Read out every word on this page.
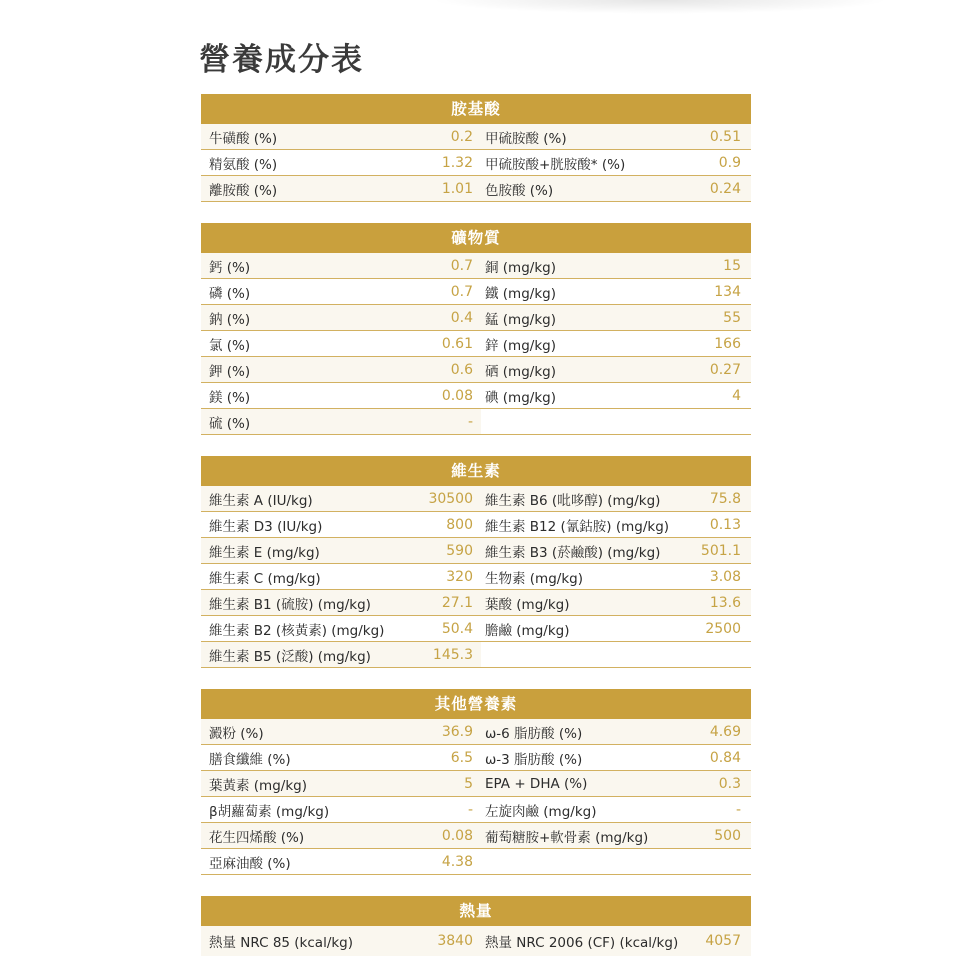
營養成分表
胺基酸
牛磺酸 (%)	0.2 甲硫胺酸 (%)	0.51
精氨酸 (%)	1.32 甲硫胺酸+胱胺酸* (%)	0.9
離胺酸 (%)	1.01 色胺酸 (%)	0.24
礦物質
鈣 (%)	0.7 銅 (mg/kg)	15
磷 (%)	0.7 鐵 (mg/kg)	134
鈉 (%)	0.4 錳 (mg/kg)	55
氯 (%)	0.61 鋅 (mg/kg)	166
鉀 (%)	0.6 硒 (mg/kg)	0.27
鎂 (%)	0.08 碘 (mg/kg)	4
硫 (%)	-
維生素
維生素 A (IU/kg)	30500 維生素 B6 (吡哆醇) (mg/kg)	75.8
維生素 D3 (IU/kg)	800 維生素 B12 (氰鈷胺) (mg/kg)	0.13
維生素 E (mg/kg)	590 維生素 B3 (菸鹼酸) (mg/kg)	501.1
維生素 C (mg/kg)	320 生物素 (mg/kg)	3.08
維生素 B1 (硫胺) (mg/kg)	27.1 葉酸 (mg/kg)	13.6
維生素 B2 (核黃素) (mg/kg)	50.4 膽鹼 (mg/kg)	2500
維生素 B5 (泛酸) (mg/kg)	145.3
其他營養素
澱粉 (%)	36.9 ω-6 脂肪酸 (%)	4.69
膳食纖維 (%)	6.5 ω-3 脂肪酸 (%)	0.84
葉黃素 (mg/kg)	5 EPA + DHA (%)	0.3
β胡蘿蔔素 (mg/kg)	- 左旋肉鹼 (mg/kg)	-
花生四烯酸 (%)	0.08 葡萄糖胺+軟骨素 (mg/kg)	500
亞麻油酸 (%)	4.38
熱量
熱量 NRC 85 (kcal/kg)	3840 熱量 NRC 2006 (CF) (kcal/kg)	4057
